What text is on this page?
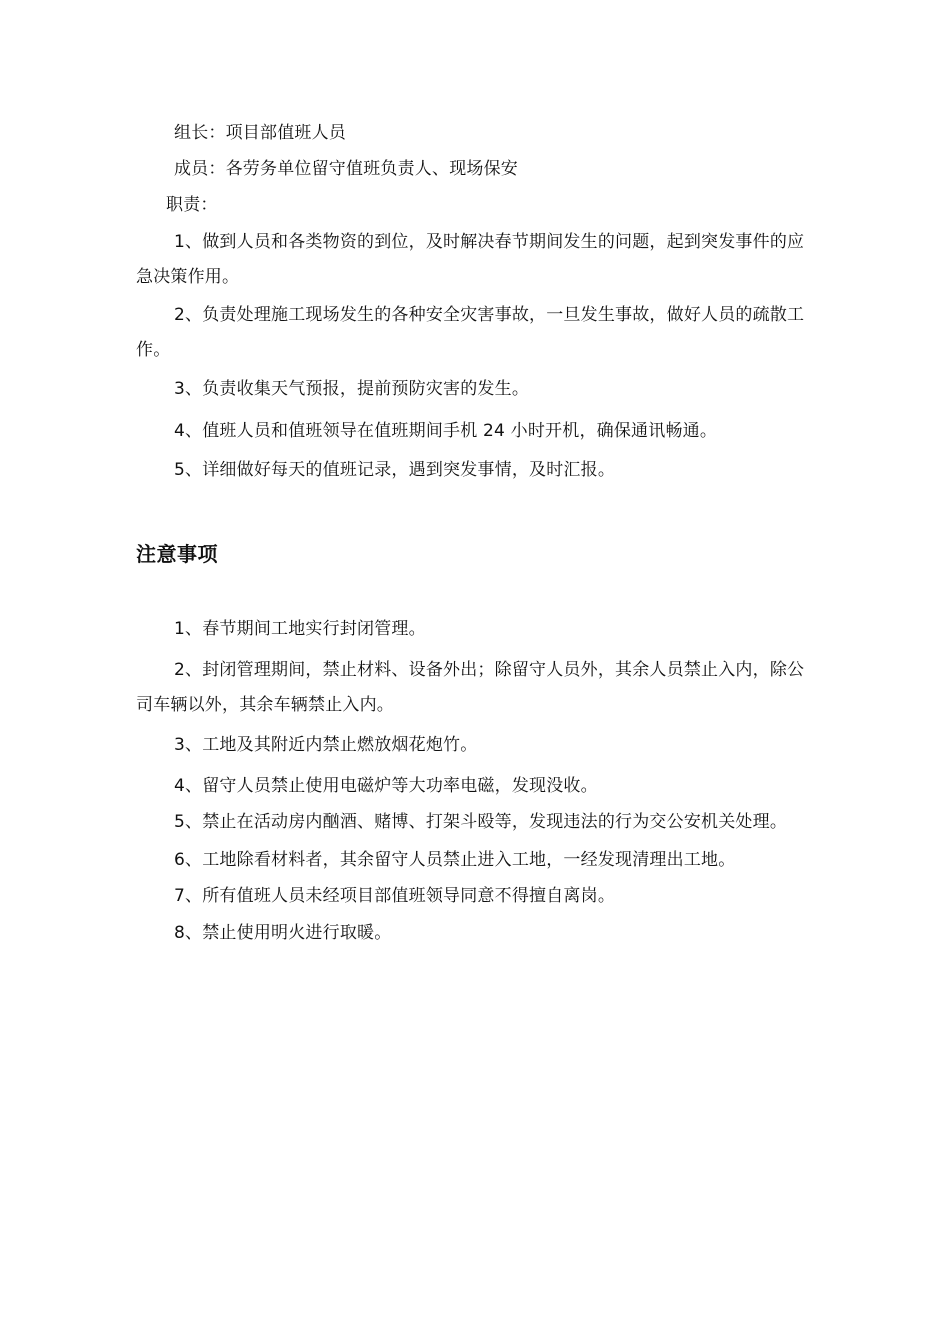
组长：项目部值班人员
成员：各劳务单位留守值班负责人、现场保安
职责：
1、做到人员和各类物资的到位，及时解决春节期间发生的问题，起到突发事件的应急决策作用。
2、负责处理施工现场发生的各种安全灾害事故，一旦发生事故，做好人员的疏散工作。
3、负责收集天气预报，提前预防灾害的发生。
4、值班人员和值班领导在值班期间手机 24 小时开机，确保通讯畅通。
5、详细做好每天的值班记录，遇到突发事情，及时汇报。
注意事项
1、春节期间工地实行封闭管理。
2、封闭管理期间，禁止材料、设备外出；除留守人员外，其余人员禁止入内，除公司车辆以外，其余车辆禁止入内。
3、工地及其附近内禁止燃放烟花炮竹。
4、留守人员禁止使用电磁炉等大功率电磁，发现没收。
5、禁止在活动房内酗酒、赌博、打架斗殴等，发现违法的行为交公安机关处理。
6、工地除看材料者，其余留守人员禁止进入工地，一经发现清理出工地。
7、所有值班人员未经项目部值班领导同意不得擅自离岗。
8、禁止使用明火进行取暖。
